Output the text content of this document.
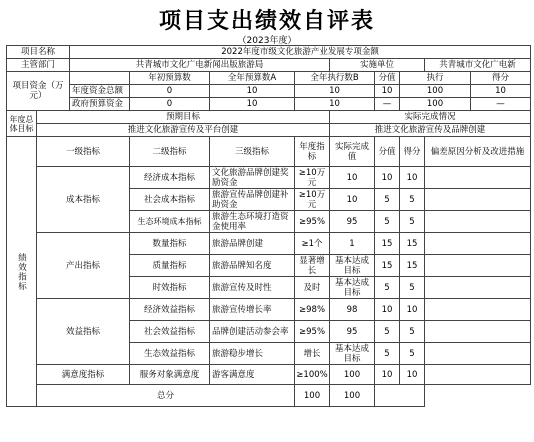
项目支出绩效自评表
（2023年度）
项目名称		2022年度市级文化旅游产业发展专项金额								
主管部门		共青城市文化广电新闻出版旅游局				实施单位			共青城市文化广电新	
项目资金（万元）			年初预算数	全年预算数A	全年执行数B		分值	执行		得分
		年度资金总额	0	10	10		10	100		10
		政府预算资金	0	10	10		—	100		—
年度总体目标	预期目标					实际完成情况				
	推进文化旅游宣传及平台创建					推进文化旅游宣传及品牌创建				
绩效指标	一级指标		二级指标	三级指标	年度指标	实际完成值	分值	得分	偏差原因分析及改进措施	
	成本指标		经济成本指标	文化旅游品牌创建奖励资金	≥10万元	10	10	10		
			社会成本指标	旅游宣传品牌创建补助资金	≥10万元	10	5	5		
			生态环境成本指标	旅游生态环境打造资金使用率	≥95%	95	5	5		
	产出指标		数量指标	旅游品牌创建	≥1个	1	15	15		
			质量指标	旅游品牌知名度	显著增长	基本达成目标	15	15		
			时效指标	旅游宣传及时性	及时	基本达成目标	5	5		
	效益指标		经济效益指标	旅游宣传增长率	≥98%	98	10	10		
			社会效益指标	品牌创建活动参会率	≥95%	95	5	5		
			生态效益指标	旅游稳步增长	增长	基本达成目标	5	5		
	满意度指标		服务对象满意度	游客满意度	≥100%	100	10	10		
	总分				100	100				
